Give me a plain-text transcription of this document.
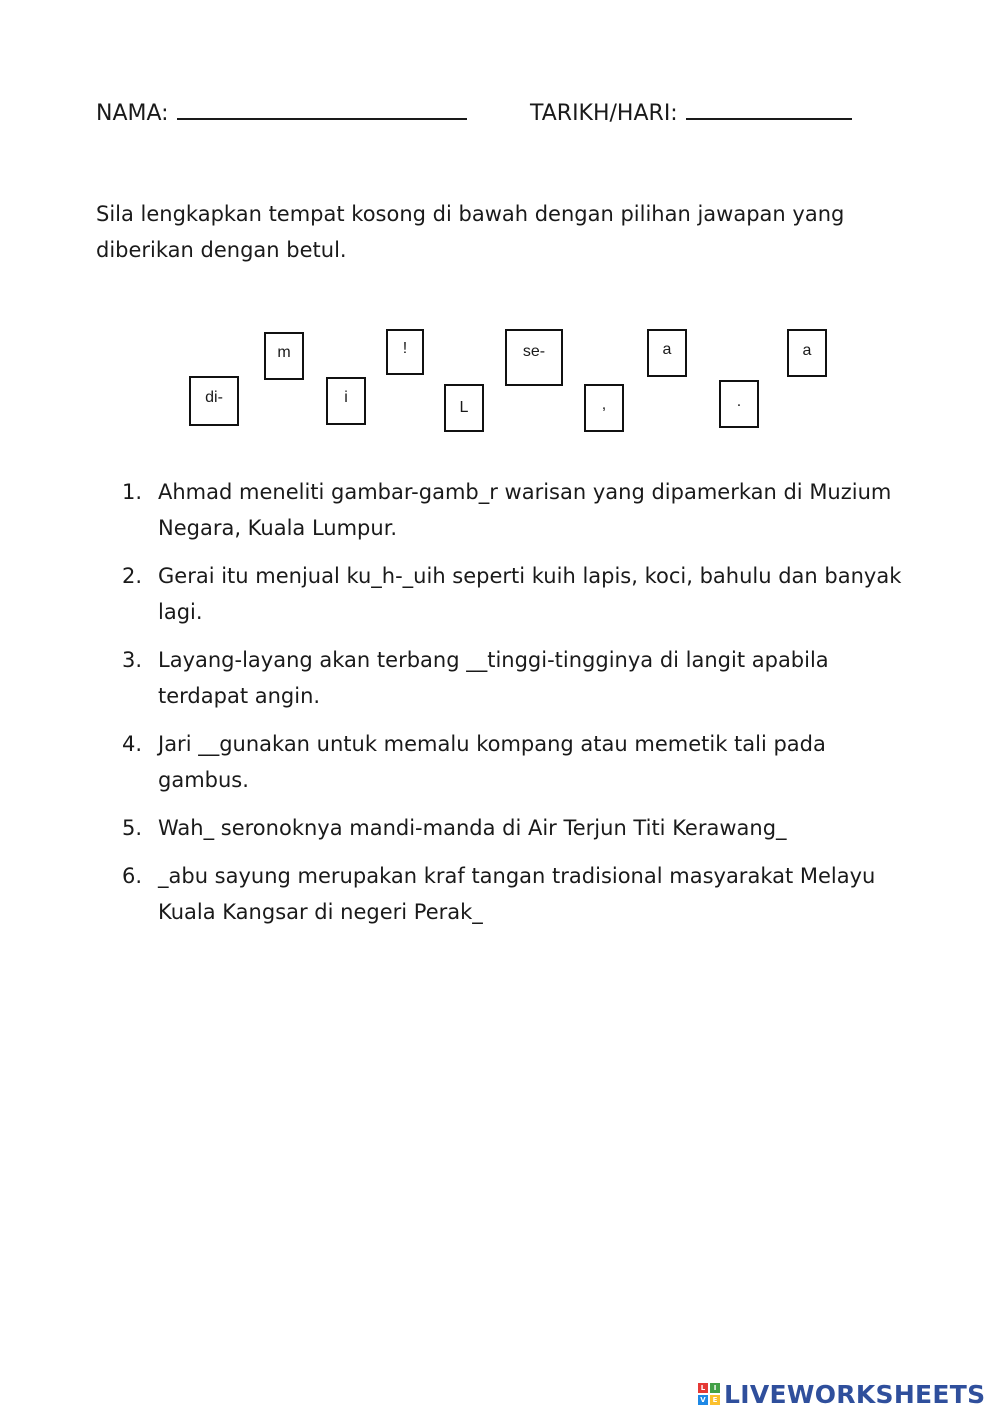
NAMA:	TARIKH/HARI:
Sila lengkapkan tempat kosong di bawah dengan pilihan jawapan yang diberikan dengan betul.
m	!	se-	a	a
di-	i
L	,	.
1. Ahmad meneliti gambar-gamb_r warisan yang dipamerkan di Muzium Negara, Kuala Lumpur.
2. Gerai itu menjual ku_h-_uih seperti kuih lapis, koci, bahulu dan banyak lagi.
3. Layang-layang akan terbang __tinggi-tingginya di langit apabila terdapat angin.
4. Jari __gunakan untuk memalu kompang atau memetik tali pada gambus.
5. Wah_ seronoknya mandi-manda di Air Terjun Titi Kerawang_
6. _abu sayung merupakan kraf tangan tradisional masyarakat Melayu Kuala Kangsar di negeri Perak_
L	I
V E LIVEWORKSHEETS
